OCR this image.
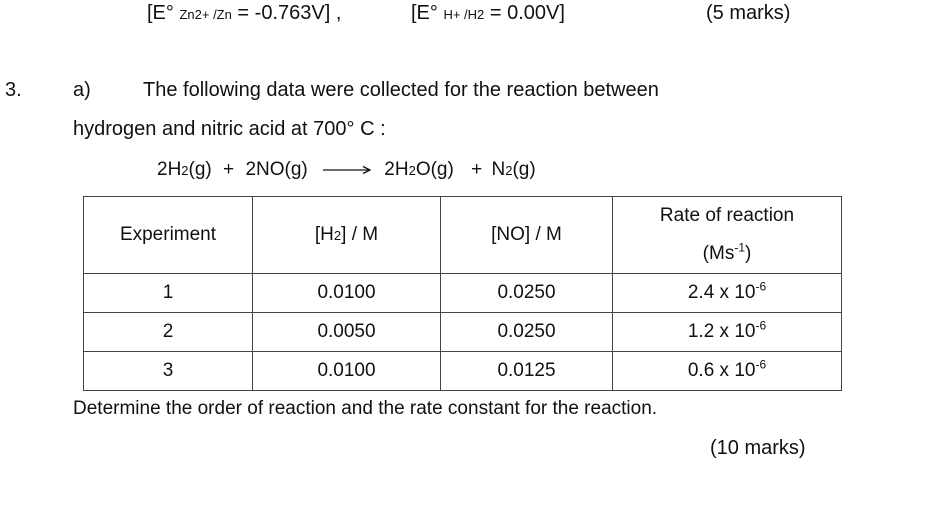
[E° Zn2+ /Zn = -0.763V] ,	[E° H+ /H2 = 0.00V]	(5 marks)
3.	a)	The following data were collected for the reaction between
hydrogen and nitric acid at 700° C :
2H2(g) + 2NO(g) → 2H2O(g) + N2(g)
Experiment	[H2] / M	[NO] / M	Rate of reaction
$(Ms^{-1})$

1	0.0100	0.0250	2.4 x $10^{-6}$
2	0.0050	0.0250	1.2 x $10^{-6}$
3	0.0100	0.0125	0.6 x $10^{-6}$
Determine the order of reaction and the rate constant for the reaction.
(10 marks)
